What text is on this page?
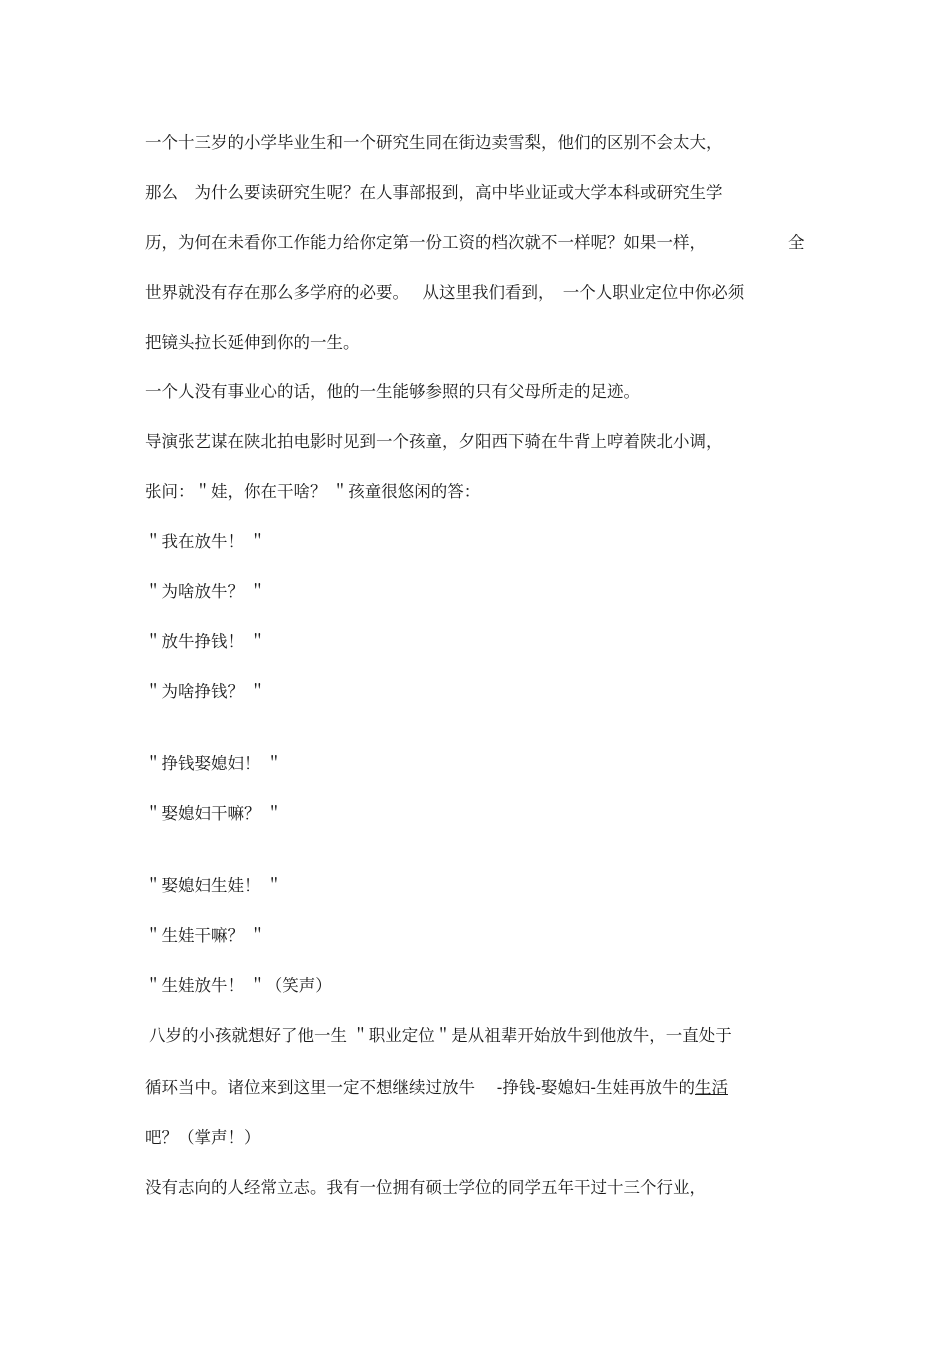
一个十三岁的小学毕业生和一个研究生同在街边卖雪梨，他们的区别不会太大，
那么　为什么要读研究生呢？在人事部报到，高中毕业证或大学本科或研究生学
历，为何在未看你工作能力给你定第一份工资的档次就不一样呢？如果一样，	全
世界就没有存在那么多学府的必要。　 从这里我们看到，　一个人职业定位中你必须
把镜头拉长延伸到你的一生。
一个人没有事业心的话，他的一生能够参照的只有父母所走的足迹。
导演张艺谋在陕北拍电影时见到一个孩童，夕阳西下骑在牛背上哼着陕北小调，
张问：＂娃，你在干啥？ ＂孩童很悠闲的答：
＂我在放牛！ ＂
＂为啥放牛？ ＂
＂放牛挣钱！ ＂
＂为啥挣钱？ ＂
＂挣钱娶媳妇！ ＂
＂娶媳妇干嘛？ ＂
＂娶媳妇生娃！ ＂
＂生娃干嘛？ ＂
＂生娃放牛！ ＂（笑声）
八岁的小孩就想好了他一生 ＂职业定位＂是从祖辈开始放牛到他放牛，一直处于
循环当中。诸位来到这里一定不想继续过放牛　 -挣钱-娶媳妇-生娃再放牛的生活
吧？（掌声！）
没有志向的人经常立志。我有一位拥有硕士学位的同学五年干过十三个行业，
